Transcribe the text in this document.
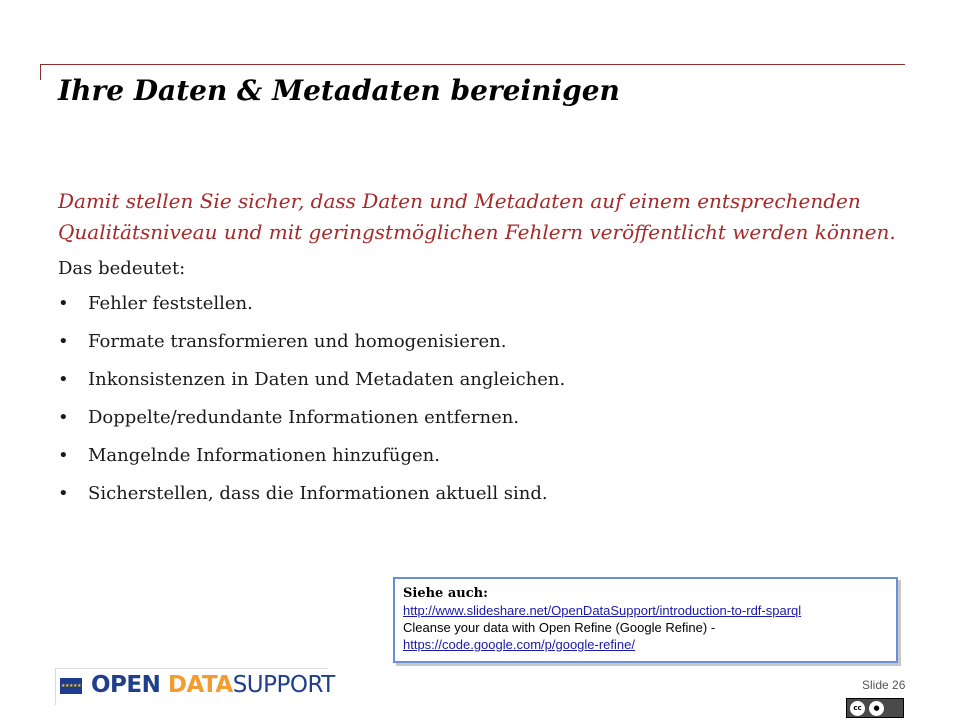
Ihre Daten & Metadaten bereinigen

Damit stellen Sie sicher, dass Daten und Metadaten auf einem entsprechenden Qualitätsniveau und mit geringstmöglichen Fehlern veröffentlicht werden können.

Das bedeutet:

• Fehler feststellen.
• Formate transformieren und homogenisieren.
• Inkonsistenzen in Daten und Metadaten angleichen.
• Doppelte/redundante Informationen entfernen.
• Mangelnde Informationen hinzufügen.
• Sicherstellen, dass die Informationen aktuell sind.
Siehe auch:
http://www.slideshare.net/OpenDataSupport/introduction-to-rdf-sparql
Cleanse your data with Open Refine (Google Refine) -
https://code.google.com/p/google-refine/
★★★★★ OPEN DATASUPPORT	Slide 26
cc	●
